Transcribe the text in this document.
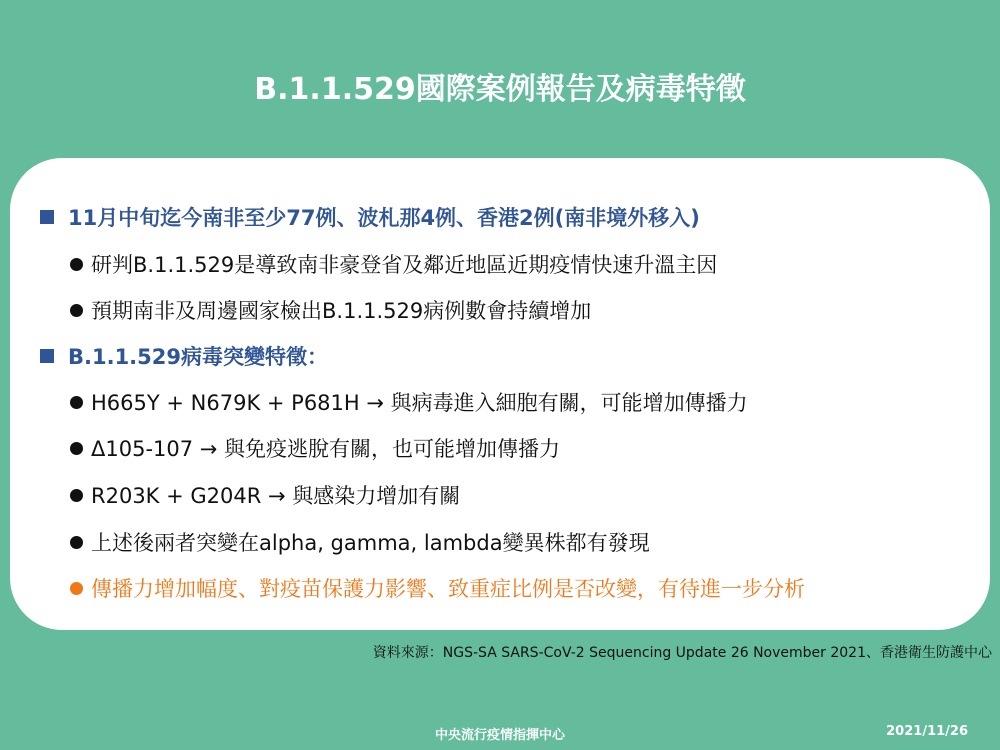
B.1.1.529國際案例報告及病毒特徵
11月中旬迄今南非至少77例、波札那4例、香港2例(南非境外移入)
研判B.1.1.529是導致南非豪登省及鄰近地區近期疫情快速升溫主因
預期南非及周邊國家檢出B.1.1.529病例數會持續增加
B.1.1.529病毒突變特徵：
H665Y + N679K + P681H → 與病毒進入細胞有關，可能增加傳播力
Δ105-107 → 與免疫逃脫有關，也可能增加傳播力
R203K + G204R → 與感染力增加有關
上述後兩者突變在alpha, gamma, lambda變異株都有發現
傳播力增加幅度、對疫苗保護力影響、致重症比例是否改變，有待進一步分析
資料來源：NGS-SA SARS-CoV-2 Sequencing Update 26 November 2021、香港衛生防護中心
中央流行疫情指揮中心	2021/11/26
